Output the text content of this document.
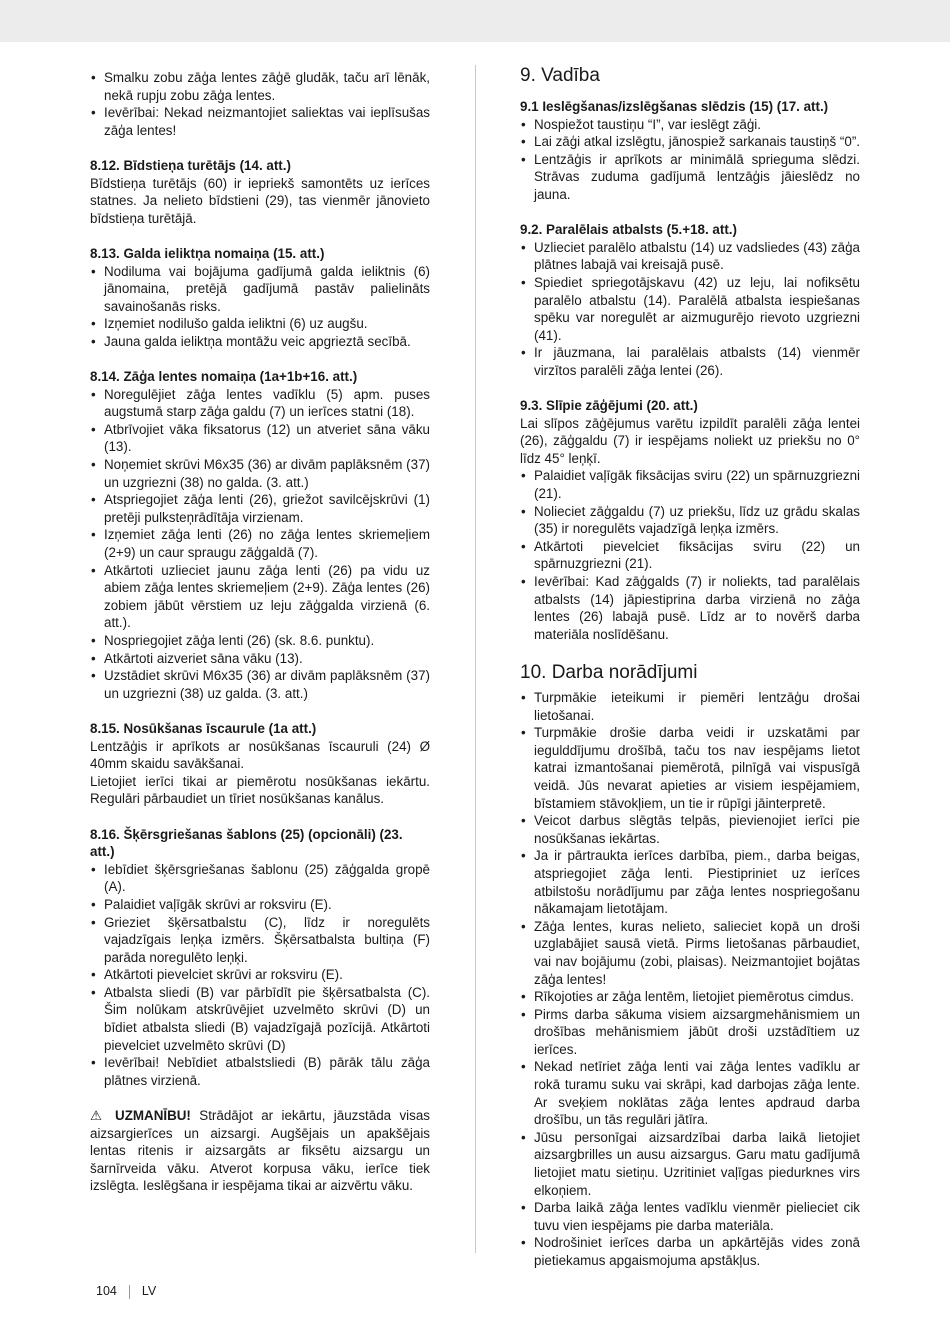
• Smalku zobu zāģa lentes zāģē gludāk, taču arī lēnāk, nekā rupju zobu zāģa lentes.
• Ievērībai: Nekad neizmantojiet saliektas vai ieplīsušas zāģa lentes!
8.12. Bīdstieņa turētājs (14. att.)

Bīdstieņa turētājs (60) ir iepriekš samontēts uz ierīces statnes. Ja nelieto bīdstieni (29), tas vienmēr jānovieto bīdstieņa turētājā.

8.13. Galda ieliktņa nomaiņa (15. att.)
• Nodiluma vai bojājuma gadījumā galda ieliktnis (6) jānomaina, pretējā gadījumā pastāv palielināts savainošanās risks.
• Izņemiet nodilušo galda ieliktni (6) uz augšu.
• Jauna galda ieliktņa montāžu veic apgrieztā secībā.
8.14. Zāģa lentes nomaiņa (1a+1b+16. att.)
• Noregulējiet zāģa lentes vadīklu (5) apm. puses augstumā starp zāģa galdu (7) un ierīces statni (18).
• Atbrīvojiet vāka fiksatorus (12) un atveriet sāna vāku (13).
• Noņemiet skrūvi M6x35 (36) ar divām paplāksnēm (37) un uzgriezni (38) no galda. (3. att.)
• Atspriegojiet zāģa lenti (26), griežot savilcējskrūvi (1) pretēji pulksteņrādītāja virzienam.
• Izņemiet zāģa lenti (26) no zāģa lentes skriemeļiem (2+9) un caur spraugu zāģgaldā (7).
• Atkārtoti uzlieciet jaunu zāģa lenti (26) pa vidu uz abiem zāģa lentes skriemeļiem (2+9). Zāģa lentes (26) zobiem jābūt vērstiem uz leju zāģgalda virzienā (6. att.).
• Nospriegojiet zāģa lenti (26) (sk. 8.6. punktu).
• Atkārtoti aizveriet sāna vāku (13).
• Uzstādiet skrūvi M6x35 (36) ar divām paplāksnēm (37) un uzgriezni (38) uz galda. (3. att.)
8.15. Nosūkšanas īscaurule (1a att.)

Lentzāģis ir aprīkots ar nosūkšanas īscauruli (24) Ø 40mm skaidu savākšanai.

Lietojiet ierīci tikai ar piemērotu nosūkšanas iekārtu. Regulāri pārbaudiet un tīriet nosūkšanas kanālus.

8.16. Šķērsgriešanas šablons (25) (opcionāli) (23. att.)
• Iebīdiet šķērsgriešanas šablonu (25) zāģgalda gropē (A).
• Palaidiet vaļīgāk skrūvi ar roksviru (E).
• Grieziet šķērsatbalstu (C), līdz ir noregulēts vajadzīgais leņķa izmērs. Šķērsatbalsta bultiņa (F) parāda noregulēto leņķi.
• Atkārtoti pievelciet skrūvi ar roksviru (E).
• Atbalsta sliedi (B) var pārbīdīt pie šķērsatbalsta (C). Šim nolūkam atskrūvējiet uzvelmēto skrūvi (D) un bīdiet atbalsta sliedi (B) vajadzīgajā pozīcijā. Atkārtoti pievelciet uzvelmēto skrūvi (D)
• Ievērībai! Nebīdiet atbalstsliedi (B) pārāk tālu zāģa plātnes virzienā.

⚠ UZMANĪBU! Strādājot ar iekārtu, jāuzstāda visas aizsargierīces un aizsargi. Augšējais un apakšējais lentas ritenis ir aizsargāts ar fiksētu aizsargu un šarnīrveida vāku. Atverot korpusa vāku, ierīce tiek izslēgta. Ieslēgšana ir iespējama tikai ar aizvērtu vāku.

9. Vadība
9.1 Ieslēgšanas/izslēgšanas slēdzis (15) (17. att.)
• Nospiežot taustiņu “I”, var ieslēgt zāģi.
• Lai zāģi atkal izslēgtu, jānospiež sarkanais taustiņš “0”.
• Lentzāģis ir aprīkots ar minimālā sprieguma slēdzi. Strāvas zuduma gadījumā lentzāģis jāieslēdz no jauna.
9.2. Paralēlais atbalsts (5.+18. att.)
• Uzlieciet paralēlo atbalstu (14) uz vadsliedes (43) zāģa plātnes labajā vai kreisajā pusē.
• Spiediet spriegotājskavu (42) uz leju, lai nofiksētu paralēlo atbalstu (14). Paralēlā atbalsta iespiešanas spēku var noregulēt ar aizmugurējo rievoto uzgriezni (41).
• Ir jāuzmana, lai paralēlais atbalsts (14) vienmēr virzītos paralēli zāģa lentei (26).
9.3. Slīpie zāģējumi (20. att.)

Lai slīpos zāģējumus varētu izpildīt paralēli zāģa lentei (26), zāģgaldu (7) ir iespējams noliekt uz priekšu no 0° līdz 45° leņķī.

• Palaidiet vaļīgāk fiksācijas sviru (22) un spārnuzgriezni (21).
• Nolieciet zāģgaldu (7) uz priekšu, līdz uz grādu skalas (35) ir noregulēts vajadzīgā leņķa izmērs.
• Atkārtoti pievelciet fiksācijas sviru (22) un spārnuzgriezni (21).
• Ievērībai: Kad zāģgalds (7) ir noliekts, tad paralēlais atbalsts (14) jāpiestiprina darba virzienā no zāģa lentes (26) labajā pusē. Līdz ar to novērš darba materiāla noslīdēšanu.
10. Darba norādījumi
• Turpmākie ieteikumi ir piemēri lentzāģu drošai lietošanai.
• Turpmākie drošie darba veidi ir uzskatāmi par iegulddījumu drošībā, taču tos nav iespējams lietot katrai izmantošanai piemērotā, pilnīgā vai vispusīgā veidā. Jūs nevarat apieties ar visiem iespējamiem, bīstamiem stāvokļiem, un tie ir rūpīgi jāinterpretē.
• Veicot darbus slēgtās telpās, pievienojiet ierīci pie nosūkšanas iekārtas.
• Ja ir pārtraukta ierīces darbība, piem., darba beigas, atspriegojiet zāģa lenti. Piestipriniet uz ierīces atbilstošu norādījumu par zāģa lentes nospriegošanu nākamajam lietotājam.
• Zāģa lentes, kuras nelieto, salieciet kopā un droši uzglabājiet sausā vietā. Pirms lietošanas pārbaudiet, vai nav bojājumu (zobi, plaisas). Neizmantojiet bojātas zāģa lentes!
• Rīkojoties ar zāģa lentēm, lietojiet piemērotus cimdus.
• Pirms darba sākuma visiem aizsargmehānismiem un drošības mehānismiem jābūt droši uzstādītiem uz ierīces.
• Nekad netīriet zāģa lenti vai zāģa lentes vadīklu ar rokā turamu suku vai skrāpi, kad darbojas zāģa lente. Ar sveķiem noklātas zāģa lentes apdraud darba drošību, un tās regulāri jātīra.
• Jūsu personīgai aizsardzībai darba laikā lietojiet aizsargbrilles un ausu aizsargus. Garu matu gadījumā lietojiet matu sietiņu. Uzritiniet vaļīgas piedurknes virs elkoņiem.
• Darba laikā zāģa lentes vadīklu vienmēr pielieciet cik tuvu vien iespējams pie darba materiāla.
• Nodrošiniet ierīces darba un apkārtējās vides zonā pietiekamus apgaismojuma apstākļus.
104 LV
